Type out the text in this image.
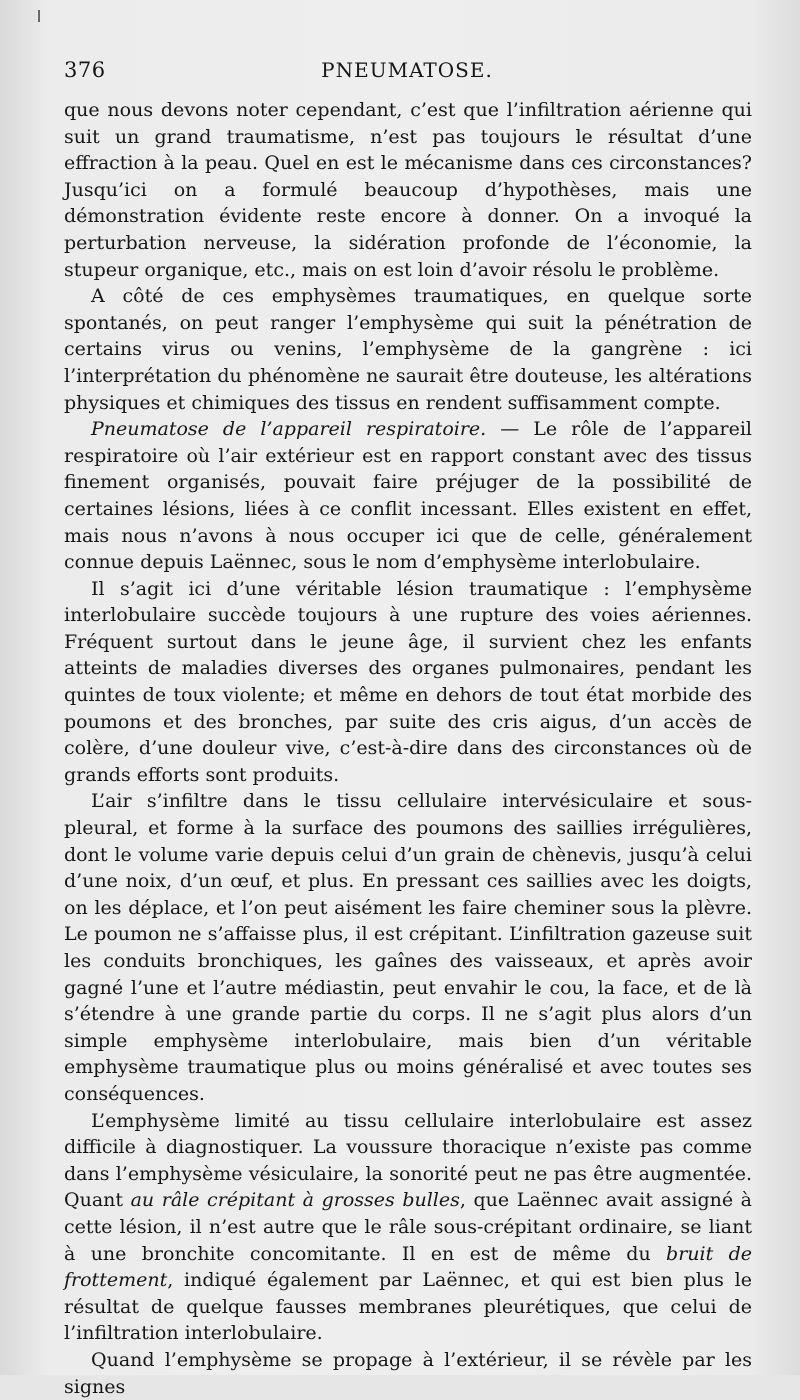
376	PNEUMATOSE.

que nous devons noter cependant, c’est que l’infiltration aérienne qui suit un grand traumatisme, n’est pas toujours le résultat d’une effraction à la peau. Quel en est le mécanisme dans ces circonstances? Jusqu’ici on a formulé beaucoup d’hypothèses, mais une démonstration évidente reste encore à donner. On a invoqué la perturbation nerveuse, la sidération profonde de l’économie, la stupeur organique, etc., mais on est loin d’avoir résolu le problème.

A côté de ces emphysèmes traumatiques, en quelque sorte spontanés, on peut ranger l’emphysème qui suit la pénétration de certains virus ou venins, l’emphysème de la gangrène : ici l’interprétation du phénomène ne saurait être douteuse, les altérations physiques et chimiques des tissus en rendent suffisamment compte.

Pneumatose de l’appareil respiratoire. — Le rôle de l’appareil respiratoire où l’air extérieur est en rapport constant avec des tissus finement organisés, pouvait faire préjuger de la possibilité de certaines lésions, liées à ce conflit incessant. Elles existent en effet, mais nous n’avons à nous occuper ici que de celle, généralement connue depuis Laënnec, sous le nom d’emphysème interlobulaire.

Il s’agit ici d’une véritable lésion traumatique : l’emphysème interlobulaire succède toujours à une rupture des voies aériennes. Fréquent surtout dans le jeune âge, il survient chez les enfants atteints de maladies diverses des organes pulmonaires, pendant les quintes de toux violente; et même en dehors de tout état morbide des poumons et des bronches, par suite des cris aigus, d’un accès de colère, d’une douleur vive, c’est-à-dire dans des circonstances où de grands efforts sont produits.

L’air s’infiltre dans le tissu cellulaire intervésiculaire et sous-pleural, et forme à la surface des poumons des saillies irrégulières, dont le volume varie depuis celui d’un grain de chènevis, jusqu’à celui d’une noix, d’un œuf, et plus. En pressant ces saillies avec les doigts, on les déplace, et l’on peut aisément les faire cheminer sous la plèvre. Le poumon ne s’affaisse plus, il est crépitant. L’infiltration gazeuse suit les conduits bronchiques, les gaînes des vaisseaux, et après avoir gagné l’une et l’autre médiastin, peut envahir le cou, la face, et de là s’étendre à une grande partie du corps. Il ne s’agit plus alors d’un simple emphysème interlobulaire, mais bien d’un véritable emphysème traumatique plus ou moins généralisé et avec toutes ses conséquences.

L’emphysème limité au tissu cellulaire interlobulaire est assez difficile à diagnostiquer. La voussure thoracique n’existe pas comme dans l’emphysème vésiculaire, la sonorité peut ne pas être augmentée. Quant au râle crépitant à grosses bulles, que Laënnec avait assigné à cette lésion, il n’est autre que le râle sous-crépitant ordinaire, se liant à une bronchite concomitante. Il en est de même du bruit de frottement, indiqué également par Laënnec, et qui est bien plus le résultat de quelque fausses membranes pleurétiques, que celui de l’infiltration interlobulaire.

Quand l’emphysème se propage à l’extérieur, il se révèle par les signes
